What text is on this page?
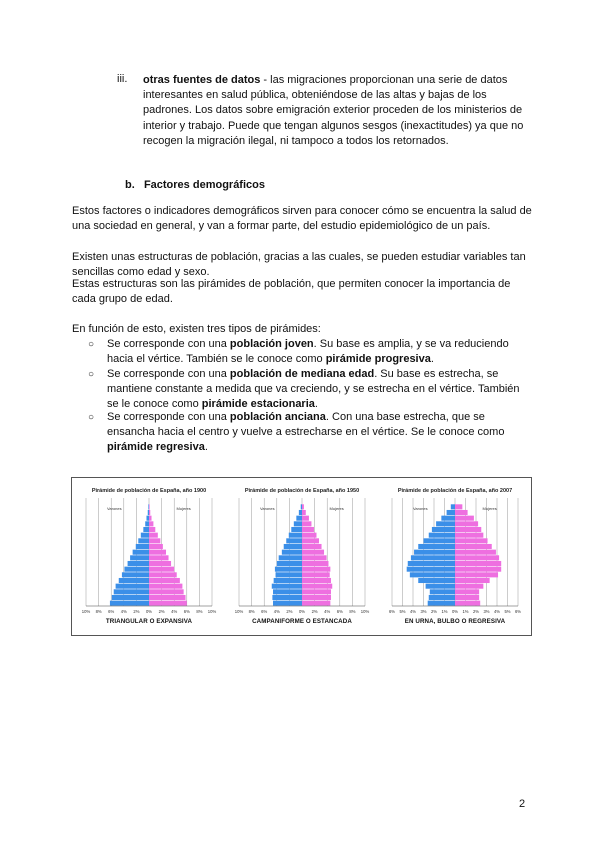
iii. otras fuentes de datos - las migraciones proporcionan una serie de datos interesantes en salud pública, obteniéndose de las altas y bajas de los padrones. Los datos sobre emigración exterior proceden de los ministerios de interior y trabajo. Puede que tengan algunos sesgos (inexactitudes) ya que no recogen la migración ilegal, ni tampoco a todos los retornados.
b.   Factores demográficos
Estos factores o indicadores demográficos sirven para conocer cómo se encuentra la salud de una sociedad en general, y van a formar parte, del estudio epidemiológico de un país.
Existen unas estructuras de población, gracias a las cuales, se pueden estudiar variables tan sencillas como edad y sexo.
Estas estructuras son las pirámides de población, que permiten conocer la importancia de cada grupo de edad.
En función de esto, existen tres tipos de pirámides:
○ Se corresponde con una población joven. Su base es amplia, y se va reduciendo hacia el vértice. También se le conoce como pirámide progresiva.
○ Se corresponde con una población de mediana edad. Su base es estrecha, se mantiene constante a medida que va creciendo, y se estrecha en el vértice. También se le conoce como pirámide estacionaria.
○ Se corresponde con una población anciana. Con una base estrecha, que se ensancha hacia el centro y vuelve a estrecharse en el vértice. Se le conoce como pirámide regresiva.
10% 8% 6% 4% 2% 0% 2% 4% 6% 8% 10%
Varones	Mujeres
Pirámide de población de España, año 1900
TRIANGULAR O EXPANSIVA
10% 8% 6% 4% 2% 0% 2% 4% 6% 8% 10%
Varones	Mujeres
Pirámide de población de España, año 1950
CAMPANIFORME O ESTANCADA
6% 5% 4% 3% 2% 1% 0% 1% 2% 3% 4% 5% 6%
Varones	Mujeres
Pirámide de población de España, año 2007
EN URNA, BULBO O REGRESIVA
2
